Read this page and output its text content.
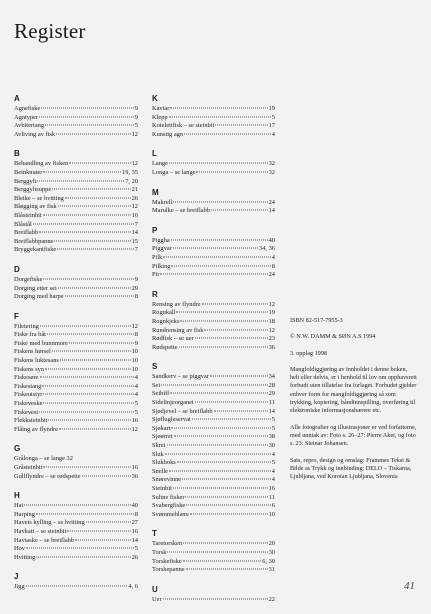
Register
A
Agnefiske	9
Agntyper	9
Avbitertang	5
Avliving av fisk	12
B
Behandling av fisken	12
Beinknuter	19, 35
Berggylt	7, 20
Berggyltsuppe	21
Bleike – se hvitting	26
Bløgging av fisk	12
Blåsteinbit	16
Blåstål	7
Breiflabb	14
Breiflabbpanne	15
Bryggekantfiske	7
D
Dorgefiske	9
Dorging etter sei	29
Dorging med harpe	8
F
Filetering	12
Fiske fra båt	8
Fiske med bunnmore	9
Fiskens hørsel	10
Fiskens luktesans	10
Fiskens syn	10
Fiskesøre	4
Fiskestang	4
Fiskeutstyr	4
Fiskeveske	5
Fiskevest	5
Flekksteinbit	16
Flåing av flyndre	12
G
Grålonga – se lange 32
Gråsteinbit	16
Gullflyndre – se rødspette	36
H
Hai	40
Harping	8
Havets kylling – se hvitting	27
Havkatt – se steinbit	16
Havtaske – se breiflabb	14
Hov	5
Hvitting	26
J
Jigg	4, 6
K
Kaviar	19
Klepp	5
Kotelettfisk – se steinbit	17
Kunstig agn	4
L
Lange	32
Longa – se lange	32
M
Makrell	24
Marulke – se breiflabb	14
P
Piggha	40
Piggvar	34, 36
Pilk	4
Pilking	8
Pir	24
R
Rensing av flyndre	12
Rognkall	19
Rognkjeks	18
Rundrensing av fisk	12
Rødfisk – se uer	23
Rødspette	36
S
Sandkerv – se piggvar	34
Sei	28
Seibiff	29
Sidelinjeorganet	11
Sjødjevel – se breiflabb	14
Sjøflugleservat	5
Sjøkart	5
Sjøørret	38
Skrei	30
Sluk	4
Slukboks	5
Snelle	4
Snørevinne	4
Steinbit	16
Sultne fisker	11
Svabergfiske	6
Svømmeblære	10
T
Taretorsken	20
Torsk	30
Torskefiske	6, 30
Torskepanne	31
U
Uer	22

ISBN 82-517-7955-3

© N.W. DAMM & SØN A.S 1994

3. opplag 1998

Mangfoldiggjøring av innholdet i denne boken, helt eller delvis, er i henhold til lov om opphavsrett forbudt uten tillatelse fra forlaget. Forbudet gjelder enhver form for mangfoldiggjøring så som trykking, kopiering, båndinnspilling, overføring til elektroniske informasjonsbærere etc.

Alle fotografier og illustrasjoner er ved forfatterne, med unntak av: Foto s. 26–27: Pierre Aker, og foto s. 23: Steinar Johansen.

Sats, repro, design og omslag: Frammes Tekst & Bilde as Trykk og innbinding: DELO – Tiskarna, Ljubljana, ved Korotan Ljubljana, Slovenia

41
